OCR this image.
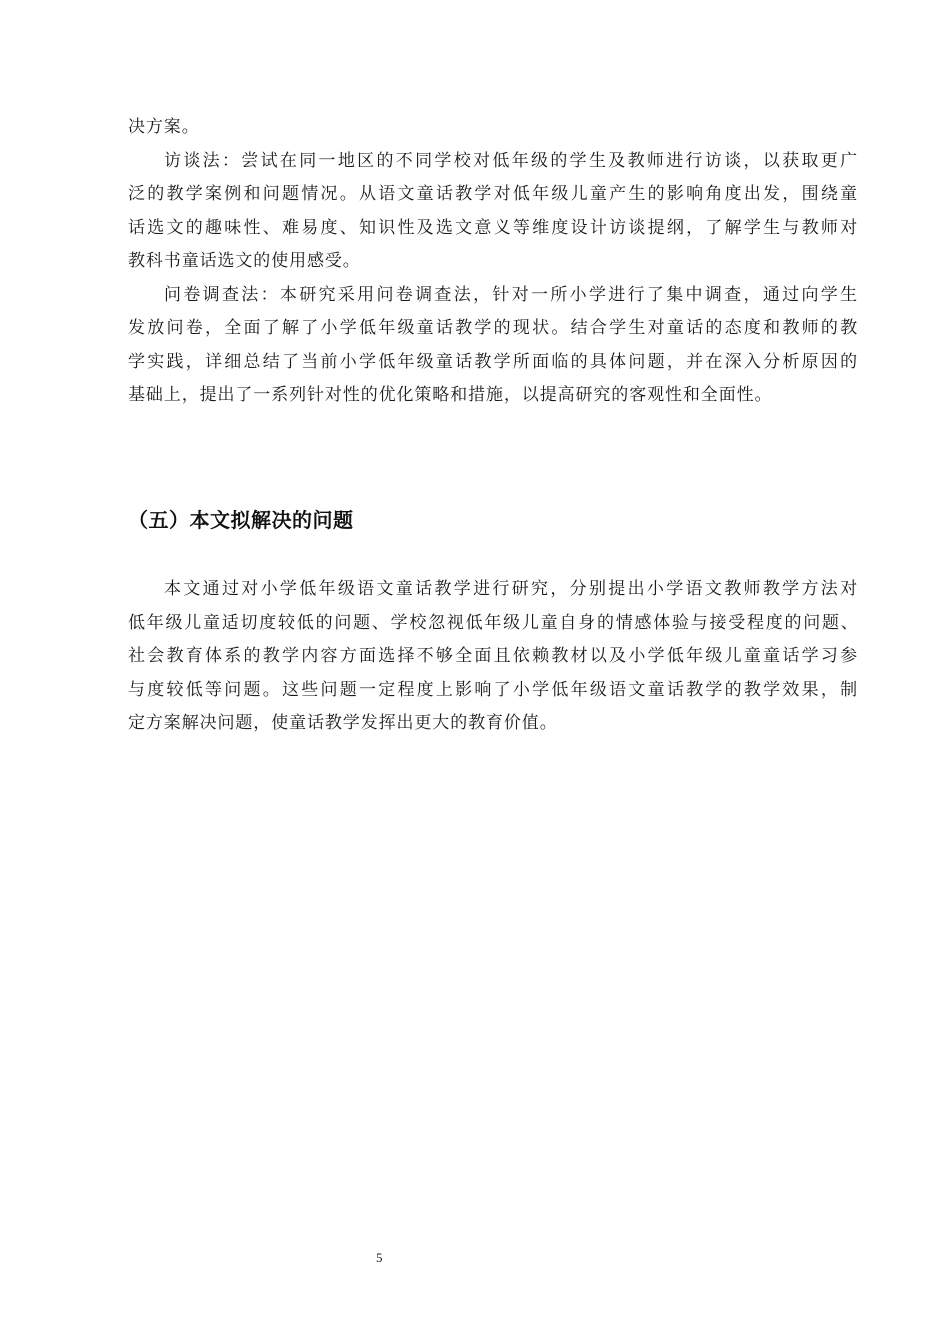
决方案。
访谈法：尝试在同一地区的不同学校对低年级的学生及教师进行访谈，以获取更广
泛的教学案例和问题情况。从语文童话教学对低年级儿童产生的影响角度出发，围绕童
话选文的趣味性、难易度、知识性及选文意义等维度设计访谈提纲，了解学生与教师对
教科书童话选文的使用感受。
问卷调查法：本研究采用问卷调查法，针对一所小学进行了集中调查，通过向学生
发放问卷，全面了解了小学低年级童话教学的现状。结合学生对童话的态度和教师的教
学实践，详细总结了当前小学低年级童话教学所面临的具体问题，并在深入分析原因的
基础上，提出了一系列针对性的优化策略和措施，以提高研究的客观性和全面性。
（五）本文拟解决的问题
本文通过对小学低年级语文童话教学进行研究，分别提出小学语文教师教学方法对
低年级儿童适切度较低的问题、学校忽视低年级儿童自身的情感体验与接受程度的问题、
社会教育体系的教学内容方面选择不够全面且依赖教材以及小学低年级儿童童话学习参
与度较低等问题。这些问题一定程度上影响了小学低年级语文童话教学的教学效果，制
定方案解决问题，使童话教学发挥出更大的教育价值。
5
